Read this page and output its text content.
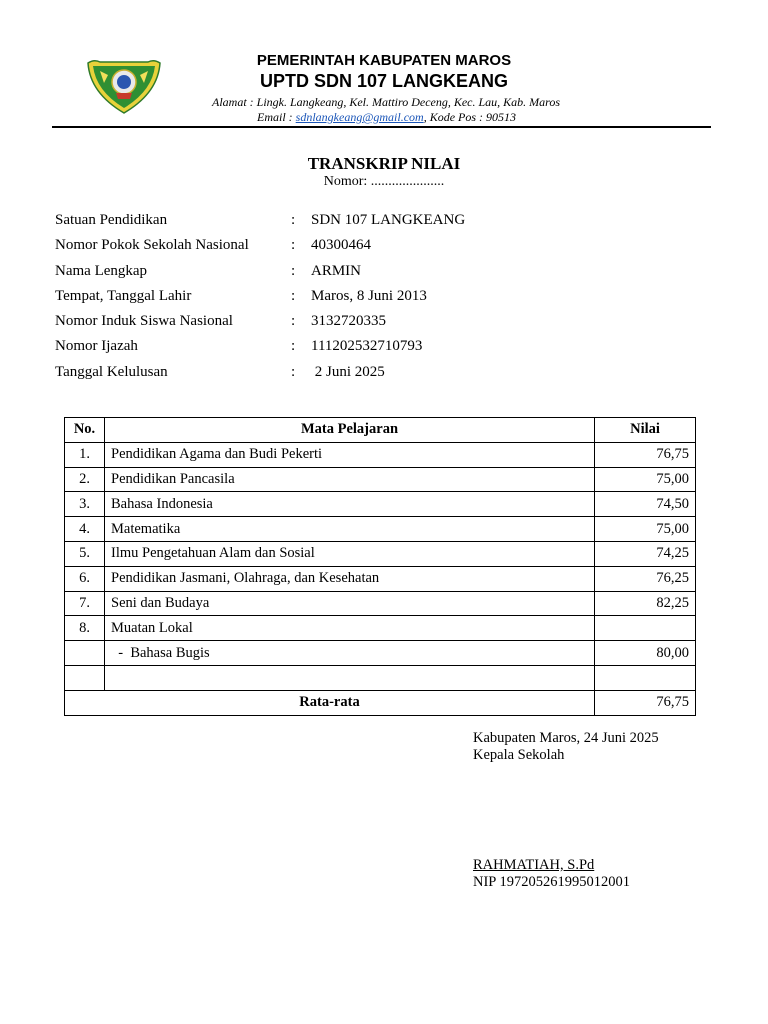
PEMERINTAH KABUPATEN MAROS
UPTD SDN 107 LANGKEANG
Alamat : Lingk. Langkeang, Kel. Mattiro Deceng, Kec. Lau, Kab. Maros
Email : sdnlangkeang@gmail.com, Kode Pos : 90513
TRANSKRIP NILAI
Nomor: .....................
Satuan Pendidikan	: SDN 107 LANGKEANG
Nomor Pokok Sekolah Nasional	: 40300464
Nama Lengkap	: ARMIN
Tempat, Tanggal Lahir	: Maros, 8 Juni 2013
Nomor Induk Siswa Nasional	: 3132720335
Nomor Ijazah	: 111202532710793
Tanggal Kelulusan	: 2 Juni 2025
No.	Mata Pelajaran	Nilai
1.	Pendidikan Agama dan Budi Pekerti	76,75
2.	Pendidikan Pancasila	75,00
3.	Bahasa Indonesia	74,50
4.	Matematika	75,00
5.	Ilmu Pengetahuan Alam dan Sosial	74,25
6.	Pendidikan Jasmani, Olahraga, dan Kesehatan	76,25
7.	Seni dan Budaya	82,25
8.	Muatan Lokal	
	-  Bahasa Bugis	80,00

Rata-rata		76,75
Kabupaten Maros, 24 Juni 2025
Kepala Sekolah
RAHMATIAH, S.Pd
NIP 197205261995012001
